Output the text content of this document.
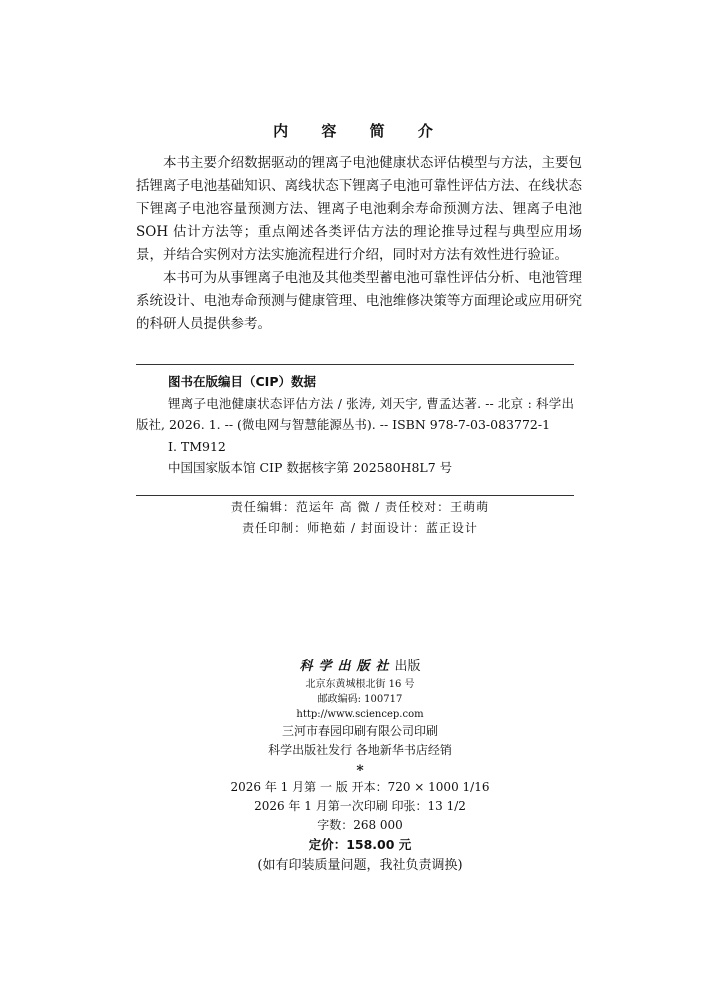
内 容 简 介

本书主要介绍数据驱动的锂离子电池健康状态评估模型与方法，主要包括锂离子电池基础知识、离线状态下锂离子电池可靠性评估方法、在线状态下锂离子电池容量预测方法、锂离子电池剩余寿命预测方法、锂离子电池 SOH 估计方法等；重点阐述各类评估方法的理论推导过程与典型应用场景，并结合实例对方法实施流程进行介绍，同时对方法有效性进行验证。

本书可为从事锂离子电池及其他类型蓄电池可靠性评估分析、电池管理系统设计、电池寿命预测与健康管理、电池维修决策等方面理论或应用研究的科研人员提供参考。

图书在版编目（CIP）数据
锂离子电池健康状态评估方法 / 张涛, 刘天宇, 曹孟达著. -- 北京 : 科学出版社, 2026. 1. -- (微电网与智慧能源丛书). -- ISBN 978-7-03-083772-1
Ⅰ. TM912
中国国家版本馆 CIP 数据核字第 202580H8L7 号
责任编辑：范运年 高 微 / 责任校对：王萌萌
责任印制：师艳茹 / 封面设计：蓝正设计
科学出版社出版
北京东黄城根北街 16 号
邮政编码: 100717
http://www.sciencep.com
三河市春园印刷有限公司印刷
科学出版社发行 各地新华书店经销
*
2026 年 1 月第 一 版 开本：720 × 1000 1/16
2026 年 1 月第一次印刷 印张：13 1/2
字数：268 000
定价：158.00 元
(如有印装质量问题，我社负责调换)
